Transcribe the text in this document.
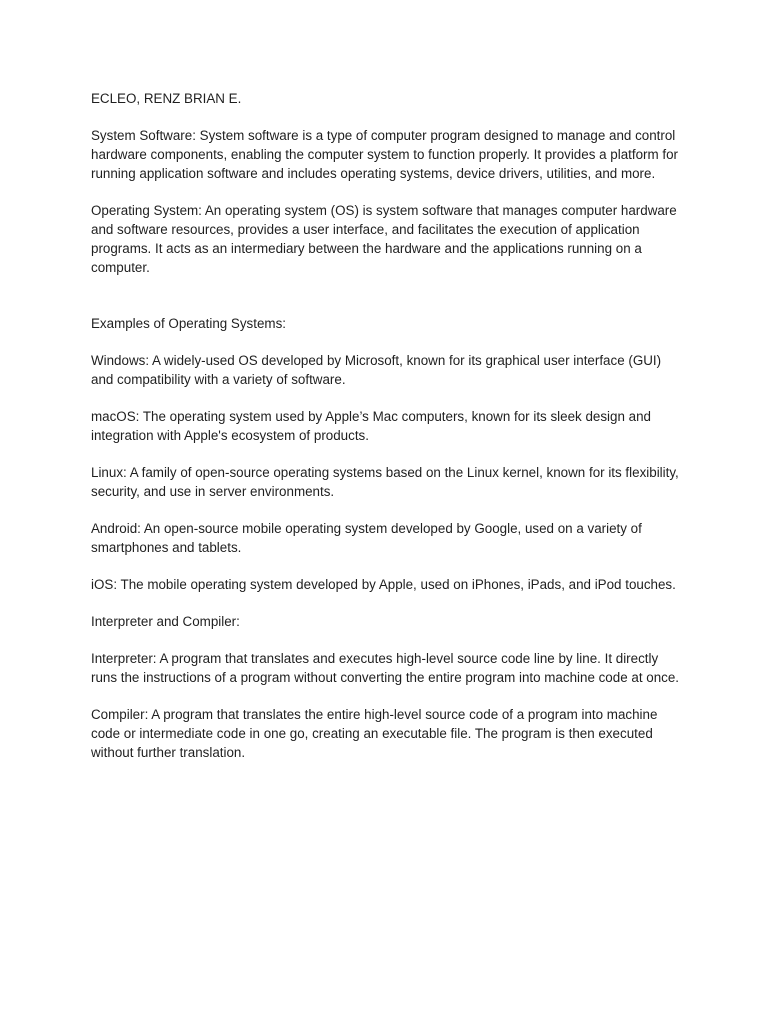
ECLEO, RENZ BRIAN E.

System Software: System software is a type of computer program designed to manage and control hardware components, enabling the computer system to function properly. It provides a platform for running application software and includes operating systems, device drivers, utilities, and more.

Operating System: An operating system (OS) is system software that manages computer hardware and software resources, provides a user interface, and facilitates the execution of application programs. It acts as an intermediary between the hardware and the applications running on a computer.

Examples of Operating Systems:

Windows: A widely-used OS developed by Microsoft, known for its graphical user interface (GUI) and compatibility with a variety of software.

macOS: The operating system used by Apple’s Mac computers, known for its sleek design and integration with Apple's ecosystem of products.

Linux: A family of open-source operating systems based on the Linux kernel, known for its flexibility, security, and use in server environments.

Android: An open-source mobile operating system developed by Google, used on a variety of smartphones and tablets.

iOS: The mobile operating system developed by Apple, used on iPhones, iPads, and iPod touches.

Interpreter and Compiler:

Interpreter: A program that translates and executes high-level source code line by line. It directly runs the instructions of a program without converting the entire program into machine code at once.

Compiler: A program that translates the entire high-level source code of a program into machine code or intermediate code in one go, creating an executable file. The program is then executed without further translation.
